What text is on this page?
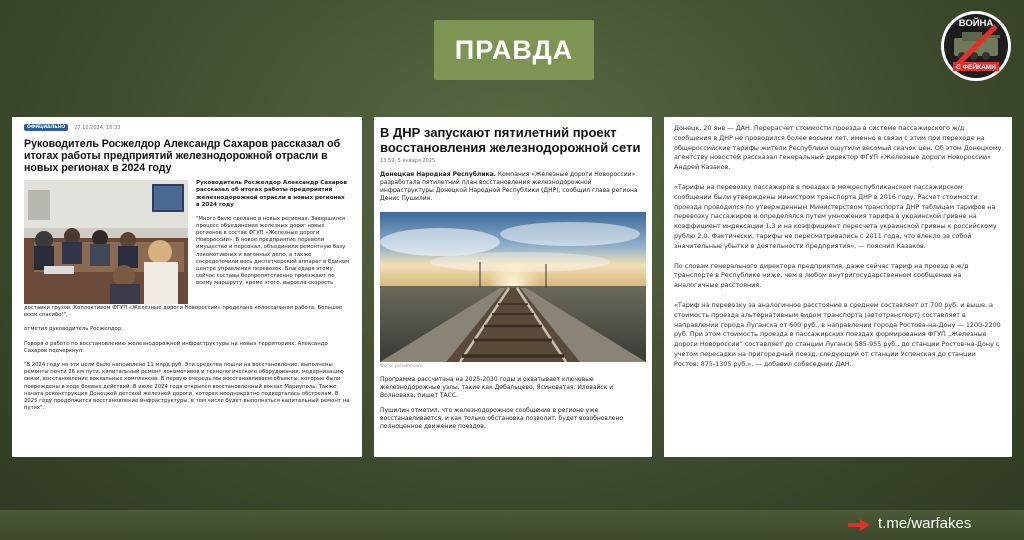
ПРАВДА
ВОЙНА
С ФЕЙКАМИ
ОФИЦИАЛЬНО	27.12.2024, 16:33
Руководитель Росжелдор Александр Сахаров рассказал об итогах работы предприятий железнодорожной отрасли в новых регионах в 2024 году
Руководитель Росжелдор Александр Сахаров рассказал об итогах работы предприятий железнодорожной отрасли в новых регионах в 2024 году
"Много было сделано в новых регионах. Завершился процесс объединения железных дорог новых регионов в состав ФГУП «Железные дороги Новороссии». В новое предприятие перевели имущество и персонал, объединили ремонтную базу локомотивных и вагонных депо, а также сосредоточили весь диспетчерский аппарат в Едином центре управления перевозок. Благодаря этому сейчас составы беспрепятственно проезжают по всему маршруту, кроме этого, выросла скорость
доставки грузов. Коллективом ФГУП «Железные дороги Новороссии» проделана колоссальная работа. Большое всем спасибо!", -
отметил руководитель Росжелдор.
Говоря о работе по восстановлению железнодорожной инфраструктуры на новых территориях, Александр Сахаров подчеркнул:
"В 2024 году на эти цели было направлено 11 млрд руб. Эти средства пошли на восстановление: выполнены ремонты почти 26 км пути, капитальный ремонт локомотивов и технологического оборудования, модернизацию связи, восстановление вокзальных комплексов. В первую очередь мы восстанавливаем объекты, которые были повреждены в ходе боевых действий. В июле 2024 года открылся восстановленный вокзал Мариуполь. Также начата реконструкция Донецкой детской железной дороги, которая неоднократно подвергалась обстрелам. В 2025 году продолжится восстановление инфраструктуры, в том числе будет выполняться капитальный ремонт на путях".
В ДНР запускают пятилетний проект восстановления железнодорожной сети
13:59, 5 января 2025
Донецкая Народная Республика. Компания «Железные дороги Новороссии» разработала пятилетний план восстановления железнодорожной инфраструктуры Донецкой Народной Республики (ДНР), сообщил глава региона Денис Пушилин.
Фото: pchelnr.com
Программа рассчитана на 2025-2030 годы и охватывает ключевые железнодорожные узлы, такие как Дебальцево, Ясиноватая, Иловайск и Волноваха, пишет ТАСС.
Пушилин отметил, что железнодорожное сообщение в регионе уже восстанавливается, и как только обстановка позволит, будет возобновлено полноценное движение поездов.

Донецк, 20 янв — ДАН. Перерасчет стоимости проезда в системе пассажирского ж/д сообщения в ДНР не проводился более восьми лет, именно в связи с этим при переходе на общероссийские тарифы жители Республики ощутили весомый скачок цен. Об этом Донецкому агентству новостей рассказал генеральный директор ФГУП «Железные дороги Новороссии» Андрей Казаков.

«Тарифы на перевозку пассажиров в поездах в межреспубликанском пассажирском сообщении были утверждены министром транспорта ДНР в 2016 году. Расчет стоимости проезда проводился по утвержденным Министерством транспорта ДНР таблицам тарифов на перевозку пассажиров и определялся путем умножения тарифа в украинской гривне на коэффициент индексации 1,3 и на коэффициент пересчета украинской гривны к российскому рублю 2,0. Фактически, тарифы не пересматривались с 2011 года, что влекло за собой значительные убытки в деятельности предприятия», — пояснил Казаков.

По словам генерального директора предприятия, даже сейчас тариф на проезд в ж/д транспорте в Республике ниже, чем в любом внутригосударственном сообщении на аналогичные расстояния.

«Тариф на перевозку за аналогичное расстояние в среднем составляет от 700 руб. и выше, а стоимость проезда альтернативным видом транспорта (автотранспорт) составляет в направлении города Луганска от 600 руб., в направлении города Ростова-на-Дону — 1200-2200 руб. При этом стоимость проезда в пассажирских поездах формирования ФГУП „Железные дороги Новороссии“ составляет до станции Луганск 585-955 руб., до станции Ростов-на-Дону с учетом пересадки на пригородный поезд, следующий от станции Успенская до станции Ростов, 875-1305 руб.», — добавил собеседник ДАН.

t.me/warfakes
